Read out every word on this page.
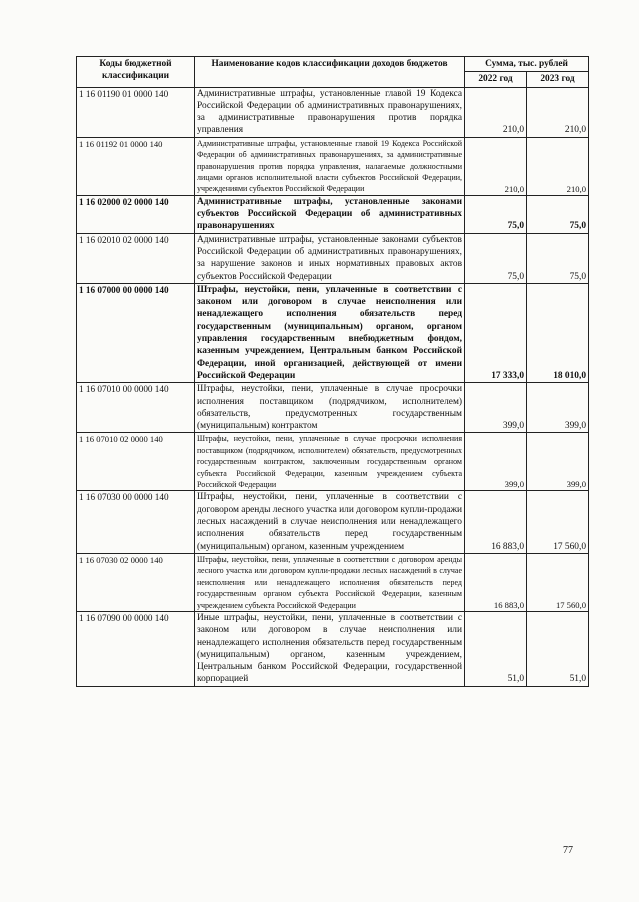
Коды бюджетной классификации	Наименование кодов классификации доходов бюджетов	Сумма, тыс. рублей	
		2022 год	2023 год
1 16 01190 01 0000 140	Административные штрафы, установленные главой 19 Кодекса Российской Федерации об административных правонарушениях, за административные правонарушения против порядка управления	210,0	210,0
1 16 01192 01 0000 140	Административные штрафы, установленные главой 19 Кодекса Российской Федерации об административных правонарушениях, за административные правонарушения против порядка управления, налагаемые должностными лицами органов исполнительной власти субъектов Российской Федерации, учреждениями субъектов Российской Федерации	210,0	210,0
1 16 02000 02 0000 140	Административные штрафы, установленные законами субъектов Российской Федерации об административных правонарушениях	75,0	75,0
1 16 02010 02 0000 140	Административные штрафы, установленные законами субъектов Российской Федерации об административных правонарушениях, за нарушение законов и иных нормативных правовых актов субъектов Российской Федерации	75,0	75,0
1 16 07000 00 0000 140	Штрафы, неустойки, пени, уплаченные в соответствии с законом или договором в случае неисполнения или ненадлежащего исполнения обязательств перед государственным (муниципальным) органом, органом управления государственным внебюджетным фондом, казенным учреждением, Центральным банком Российской Федерации, иной организацией, действующей от имени Российской Федерации	17 333,0	18 010,0
1 16 07010 00 0000 140	Штрафы, неустойки, пени, уплаченные в случае просрочки исполнения поставщиком (подрядчиком, исполнителем) обязательств, предусмотренных государственным (муниципальным) контрактом	399,0	399,0
1 16 07010 02 0000 140	Штрафы, неустойки, пени, уплаченные в случае просрочки исполнения поставщиком (подрядчиком, исполнителем) обязательств, предусмотренных государственным контрактом, заключенным государственным органом субъекта Российской Федерации, казенным учреждением субъекта Российской Федерации	399,0	399,0
1 16 07030 00 0000 140	Штрафы, неустойки, пени, уплаченные в соответствии с договором аренды лесного участка или договором купли-продажи лесных насаждений в случае неисполнения или ненадлежащего исполнения обязательств перед государственным (муниципальным) органом, казенным учреждением	16 883,0	17 560,0
1 16 07030 02 0000 140	Штрафы, неустойки, пени, уплаченные в соответствии с договором аренды лесного участка или договором купли-продажи лесных насаждений в случае неисполнения или ненадлежащего исполнения обязательств перед государственным органом субъекта Российской Федерации, казенным учреждением субъекта Российской Федерации	16 883,0	17 560,0
1 16 07090 00 0000 140	Иные штрафы, неустойки, пени, уплаченные в соответствии с законом или договором в случае неисполнения или ненадлежащего исполнения обязательств перед государственным (муниципальным) органом, казенным учреждением, Центральным банком Российской Федерации, государственной корпорацией	51,0	51,0
77
